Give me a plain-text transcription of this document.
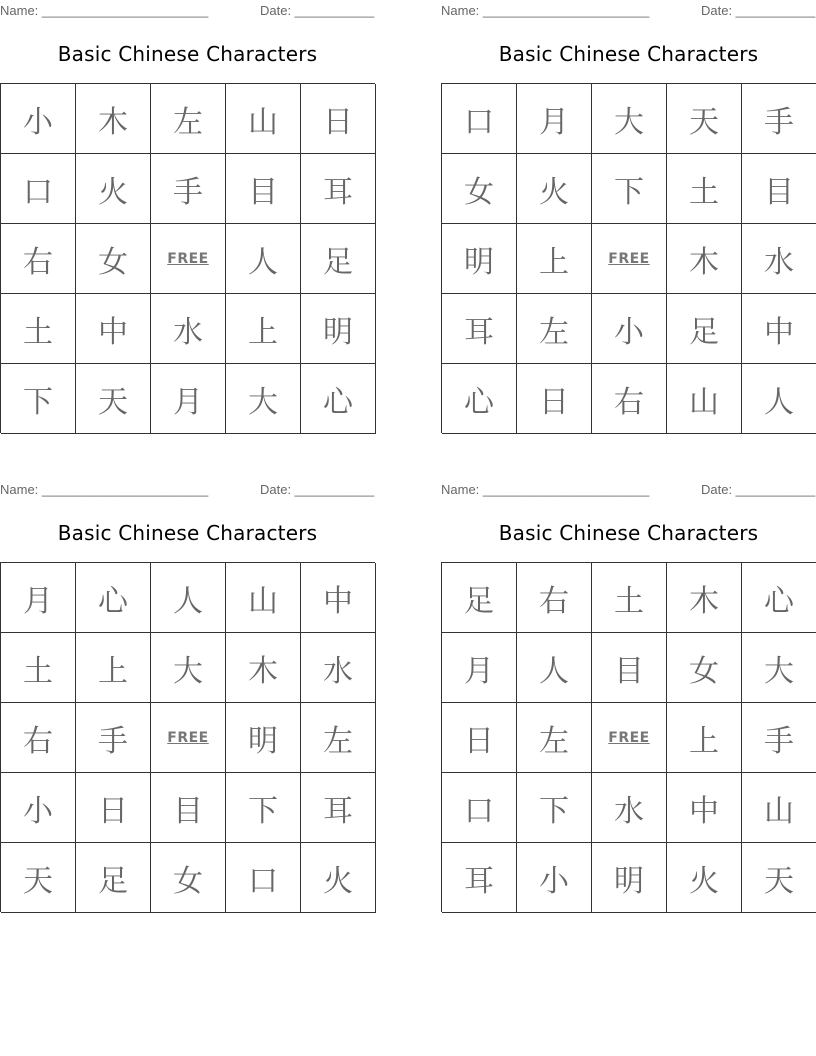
Name: _______________________	Date: ___________
Basic Chinese Characters
小	木	左	山	日
口	火	手	目	耳
右	女	FREE	人	足
土	中	水	上	明
下	天	月	大	心
Name: _______________________	Date: ___________
Basic Chinese Characters
口	月	大	天	手
女	火	下	土	目
明	上	FREE	木	水
耳	左	小	足	中
心	日	右	山	人
Name: _______________________	Date: ___________
Basic Chinese Characters
月	心	人	山	中
土	上	大	木	水
右	手	FREE	明	左
小	日	目	下	耳
天	足	女	口	火
Name: _______________________	Date: ___________
Basic Chinese Characters
足	右	土	木	心
月	人	目	女	大
日	左	FREE	上	手
口	下	水	中	山
耳	小	明	火	天
